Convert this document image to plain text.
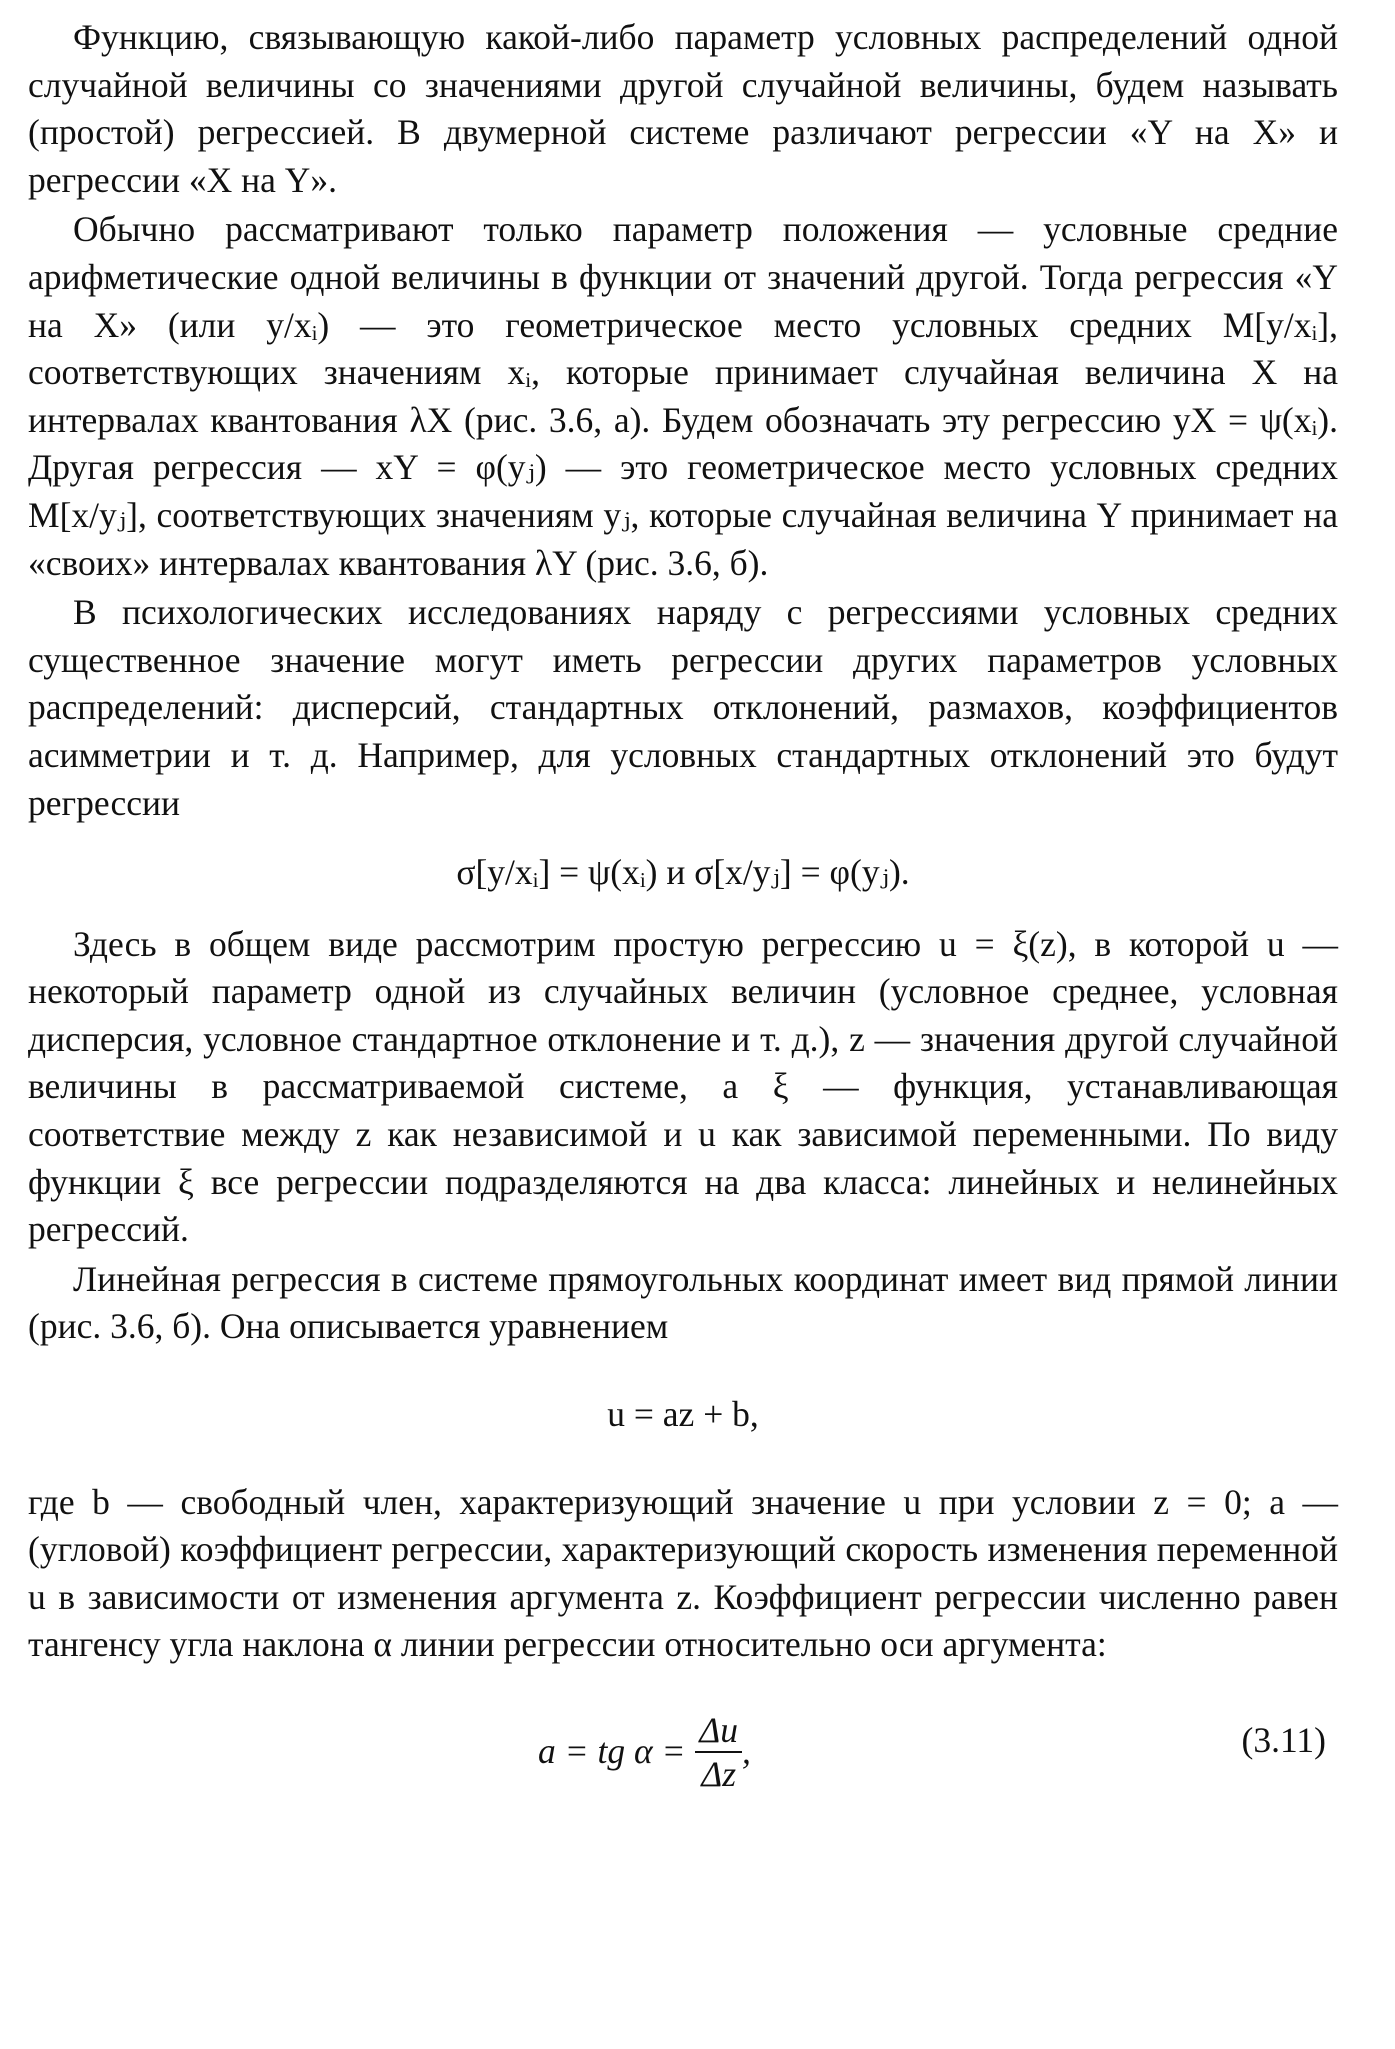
Функцию, связывающую какой-либо параметр условных распределений одной случайной величины со значениями другой случайной величины, будем называть (простой) регрессией. В двумерной системе различают регрессии «Y на X» и регрессии «X на Y».

Обычно рассматривают только параметр положения — условные средние арифметические одной величины в функции от значений другой. Тогда регрессия «Y на X» (или y/xᵢ) — это геометрическое место условных средних M[y/xᵢ], соответствующих значениям xᵢ, которые принимает случайная величина X на интервалах квантования λX (рис. 3.6, a). Будем обозначать эту регрессию yX = ψ(xᵢ). Другая регрессия — xY = φ(yⱼ) — это геометрическое место условных средних M[x/yⱼ], соответствующих значениям yⱼ, которые случайная величина Y принимает на «своих» интервалах квантования λY (рис. 3.6, б).

В психологических исследованиях наряду с регрессиями условных средних существенное значение могут иметь регрессии других параметров условных распределений: дисперсий, стандартных отклонений, размахов, коэффициентов асимметрии и т. д. Например, для условных стандартных отклонений это будут регрессии

σ[y/xᵢ] = ψ(xᵢ) и σ[x/yⱼ] = φ(yⱼ).

Здесь в общем виде рассмотрим простую регрессию u = ξ(z), в которой u — некоторый параметр одной из случайных величин (условное среднее, условная дисперсия, условное стандартное отклонение и т. д.), z — значения другой случайной величины в рассматриваемой системе, а ξ — функция, устанавливающая соответствие между z как независимой и u как зависимой переменными. По виду функции ξ все регрессии подразделяются на два класса: линейных и нелинейных регрессий.

Линейная регрессия в системе прямоугольных координат имеет вид прямой линии (рис. 3.6, б). Она описывается уравнением

u = az + b,

где b — свободный член, характеризующий значение u при условии z = 0; a — (угловой) коэффициент регрессии, характеризующий скорость изменения переменной u в зависимости от изменения аргумента z. Коэффициент регрессии численно равен тангенсу угла наклона α линии регрессии относительно оси аргумента:

a = tg $\alpha = \frac{\Delta u}{\Delta z}$ ,	(3.11)
